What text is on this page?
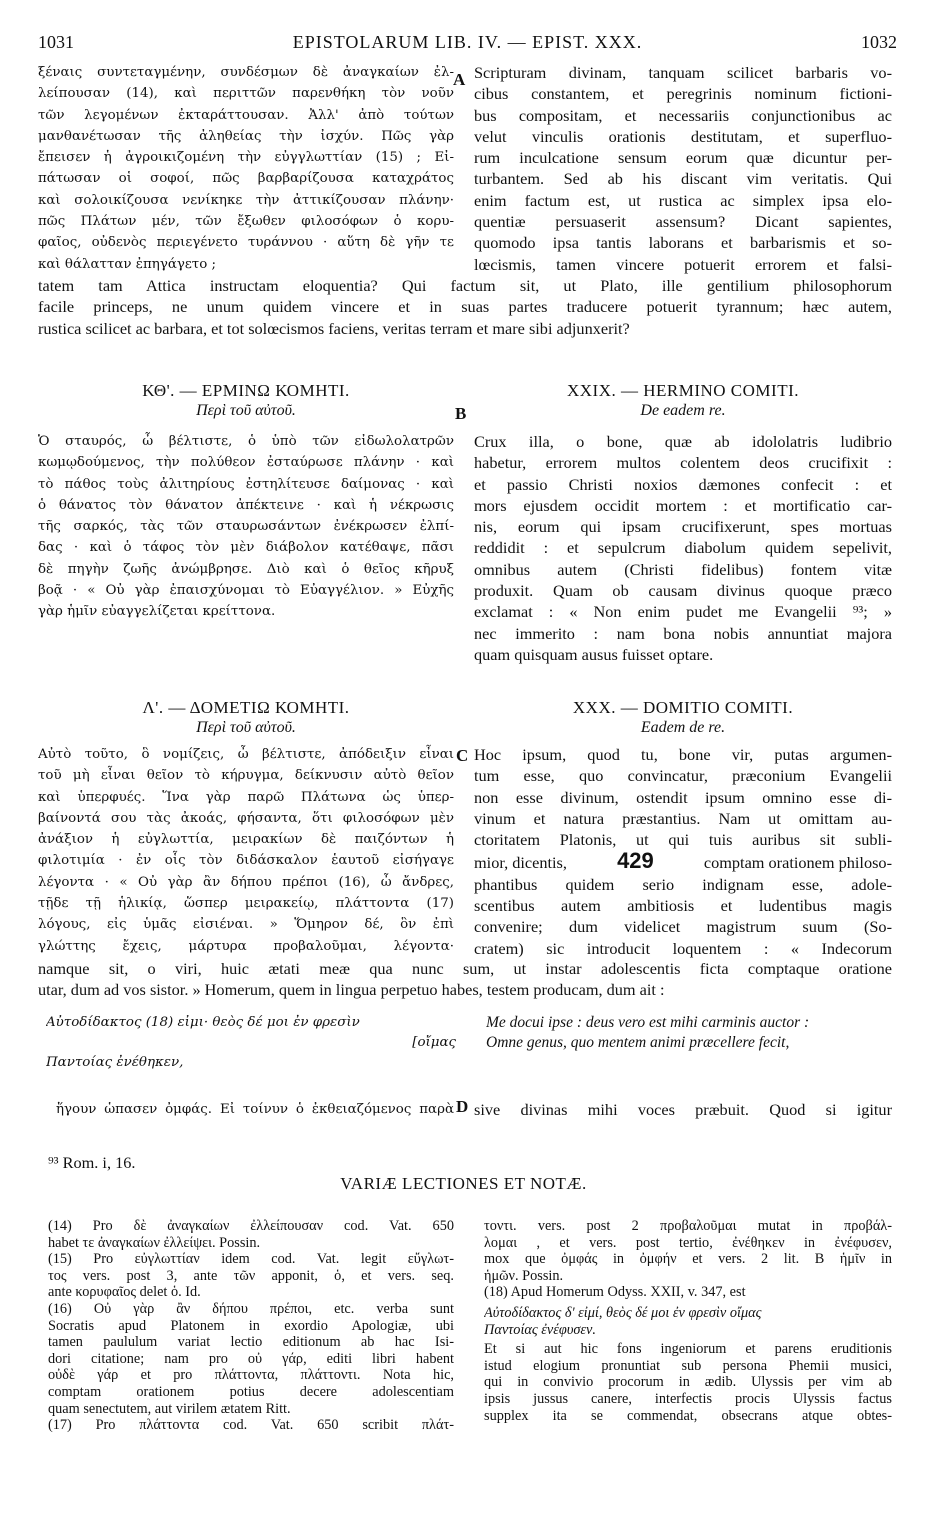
1031	EPISTOLARUM LIB. IV. — EPIST. XXX.	1032
ξέναις συντεταγμένην, συνδέσμων δὲ ἀναγκαίων ἐλ-
λείπουσαν (14), καὶ περιττῶν παρενθήκη τὸν νοῦν
τῶν λεγομένων ἐκταράττουσαν. Ἀλλ' ἀπὸ τούτων
μανθανέτωσαν τῆς ἀληθείας τὴν ἰσχύν. Πῶς γὰρ
ἔπεισεν ἡ ἀγροικιζομένη τὴν εὐγγλωττίαν (15) ; Εἰ-
πάτωσαν οἱ σοφοί, πῶς βαρβαρίζουσα καταχράτος
καὶ σολοικίζουσα νενίκηκε τὴν ἀττικίζουσαν πλάνην·
πῶς Πλάτων μέν, τῶν ἔξωθεν φιλοσόφων ὁ κορυ-
φαῖος, οὐδενὸς περιεγένετο τυράννου · αὕτη δὲ γῆν τε
καὶ θάλατταν ἐπηγάγετο ;
A Scripturam divinam, tanquam scilicet barbaris vo-
cibus constantem, et peregrinis nominum fictioni-
bus compositam, et necessariis conjunctionibus ac
velut vinculis orationis destitutam, et superfluo-
rum inculcatione sensum eorum quæ dicuntur per-
turbantem. Sed ab his discant vim veritatis. Qui
enim factum est, ut rustica ac simplex ipsa elo-
quentiæ persuaserit assensum? Dicant sapientes,
quomodo ipsa tantis laborans et barbarismis et so-
lœcismis, tamen vincere potuerit errorem et falsi-
tatem tam Attica instructam eloquentia? Qui factum sit, ut Plato, ille gentilium philosophorum
facile princeps, ne unum quidem vincere et in suas partes traducere potuerit tyrannum; hæc autem,
rustica scilicet ac barbara, et tot solœcismos faciens, veritas terram et mare sibi adjunxerit?
ΚΘ'. — ΕΡΜΙΝΩ ΚΟΜΗΤΙ.
Περὶ τοῦ αὐτοῦ.
XXIX. — HERMINO COMITI.
De eadem re.
B
Ὁ σταυρός, ὦ βέλτιστε, ὁ ὑπὸ τῶν εἰδωλολατρῶν
κωμῳδούμενος, τὴν πολύθεον ἐσταύρωσε πλάνην · καὶ
τὸ πάθος τοὺς ἀλιτηρίους ἐστηλίτευσε δαίμονας · καὶ
ὁ θάνατος τὸν θάνατον ἀπέκτεινε · καὶ ἡ νέκρωσις
τῆς σαρκός, τὰς τῶν σταυρωσάντων ἐνέκρωσεν ἐλπί-
δας · καὶ ὁ τάφος τὸν μὲν διάβολον κατέθαψε, πᾶσι
δὲ πηγὴν ζωῆς ἀνώμβρησε. Διὸ καὶ ὁ θεῖος κῆρυξ
βοᾷ · « Οὐ γὰρ ἐπαισχύνομαι τὸ Εὐαγγέλιον. » Εὐχῆς
γὰρ ἡμῖν εὐαγγελίζεται κρείττονα.
Crux illa, o bone, quæ ab idololatris ludibrio
habetur, errorem multos colentem deos crucifixit :
et passio Christi noxios dæmones confecit : et
mors ejusdem occidit mortem : et mortificatio car-
nis, eorum qui ipsam crucifixerunt, spes mortuas
reddidit : et sepulcrum diabolum quidem sepelivit,
omnibus autem (Christi fidelibus) fontem vitæ
produxit. Quam ob causam divinus quoque præco
exclamat : « Non enim pudet me Evangelii ⁹³; »
nec immerito : nam bona nobis annuntiat majora
quam quisquam ausus fuisset optare.
Λ'. — ΔΟΜΕΤΙΩ ΚΟΜΗΤΙ.
Περὶ τοῦ αὐτοῦ.
XXX. — DOMITIO COMITI.
Eadem de re.
C
Αὐτὸ τοῦτο, ὃ νομίζεις, ὦ βέλτιστε, ἀπόδειξιν εἶναι
τοῦ μὴ εἶναι θεῖον τὸ κήρυγμα, δείκνυσιν αὐτὸ θεῖον
καὶ ὑπερφυές. Ἵνα γὰρ παρῶ Πλάτωνα ὡς ὑπερ-
βαίνοντά σου τὰς ἀκοάς, φήσαντα, ὅτι φιλοσόφων μὲν
ἀνάξιον ἡ εὐγλωττία, μειρακίων δὲ παιζόντων ἡ
φιλοτιμία · ἐν οἷς τὸν διδάσκαλον ἑαυτοῦ εἰσήγαγε
λέγοντα · « Οὐ γὰρ ἂν δήπου πρέποι (16), ὦ ἄνδρες,
τῇδε τῇ ἡλικίᾳ, ὥσπερ μειρακείῳ, πλάττοντα (17)
λόγους, εἰς ὑμᾶς εἰσιέναι. » Ὅμηρον δέ, ὃν ἐπὶ
γλώττης ἔχεις, μάρτυρα προβαλοῦμαι, λέγοντα·
Hoc ipsum, quod tu, bone vir, putas argumen-
tum esse, quo convincatur, præconium Evangelii
non esse divinum, ostendit ipsum omnino esse di-
vinum et natura præstantius. Nam ut omittam au-
ctoritatem Platonis, ut qui tuis auribus sit subli-
mior, dicentis, 429	comptam orationem philoso-
phantibus quidem serio indignam esse, adole-
scentibus autem ambitiosis et ludentibus magis
convenire; dum videlicet magistrum suum (So-
cratem) sic introducit loquentem : « Indecorum
namque sit, o viri, huic ætati meæ qua nunc sum, ut instar adolescentis ficta comptaque oratione
utar, dum ad vos sistor. » Homerum, quem in lingua perpetuo habes, testem producam, dum ait :
Αὐτοδίδακτος (18) εἰμι· θεὸς δέ μοι ἐν φρεσὶν
[οἴμας
Παντοίας ἐνέθηκεν,
Me docui ipse : deus vero est mihi carminis auctor :
Omne genus, quo mentem animi præcellere fecit,
ἥγουν ὡπασεν ὀμφάς. Εἰ τοίνυν ὁ ἐκθειαζόμενος παρὰ D sive divinas mihi voces præbuit. Quod si igitur
⁹³ Rom. i, 16.
VARIÆ LECTIONES ET NOTÆ.
(14) Pro δὲ ἀναγκαίων ἐλλείπουσαν cod. Vat. 650
habet τε ἀναγκαίων ἐλλείψει. Possin.
(15) Pro εὐγλωττίαν idem cod. Vat. legit εὔγλωτ-
τος vers. post 3, ante τῶν apponit, ὁ, et vers. seq.
ante κορυφαῖος delet ὁ. Id.
(16) Οὐ γὰρ ἂν δήπου πρέποι, etc. verba sunt
Socratis apud Platonem in exordio Apologiæ, ubi
tamen paululum variat lectio editionum ab hac Isi-
dori citatione; nam pro οὐ γάρ, editi libri habent
οὐδὲ γάρ et pro πλάττοντα, πλάττοντι. Nota hic,
comptam orationem potius decere adolescentiam
quam senectutem, aut virilem ætatem Ritt.
(17) Pro πλάττοντα cod. Vat. 650 scribit πλάτ-
τοντι. vers. post 2 προβαλοῦμαι mutat in προβάλ-
λομαι , et vers. post tertio, ἐνέθηκεν in ἐνέφυσεν,
mox que ὀμφάς in ὀμφήν et vers. 2 lit. B ἡμῖν in
ἡμῶν. Possin.
(18) Apud Homerum Odyss. XXII, v. 347, est
Αὐτοδίδακτος δ' εἰμί, θεὸς δέ μοι ἐν φρεσὶν οἴμας
Παντοίας ἐνέφυσεν.
Et si aut hic fons ingeniorum et parens eruditionis
istud elogium pronuntiat sub persona Phemii musici,
qui in convivio procorum in ædib. Ulyssis per vim ab
ipsis jussus canere, interfectis procis Ulyssis factus
supplex ita se commendat, obsecrans atque obtes-
